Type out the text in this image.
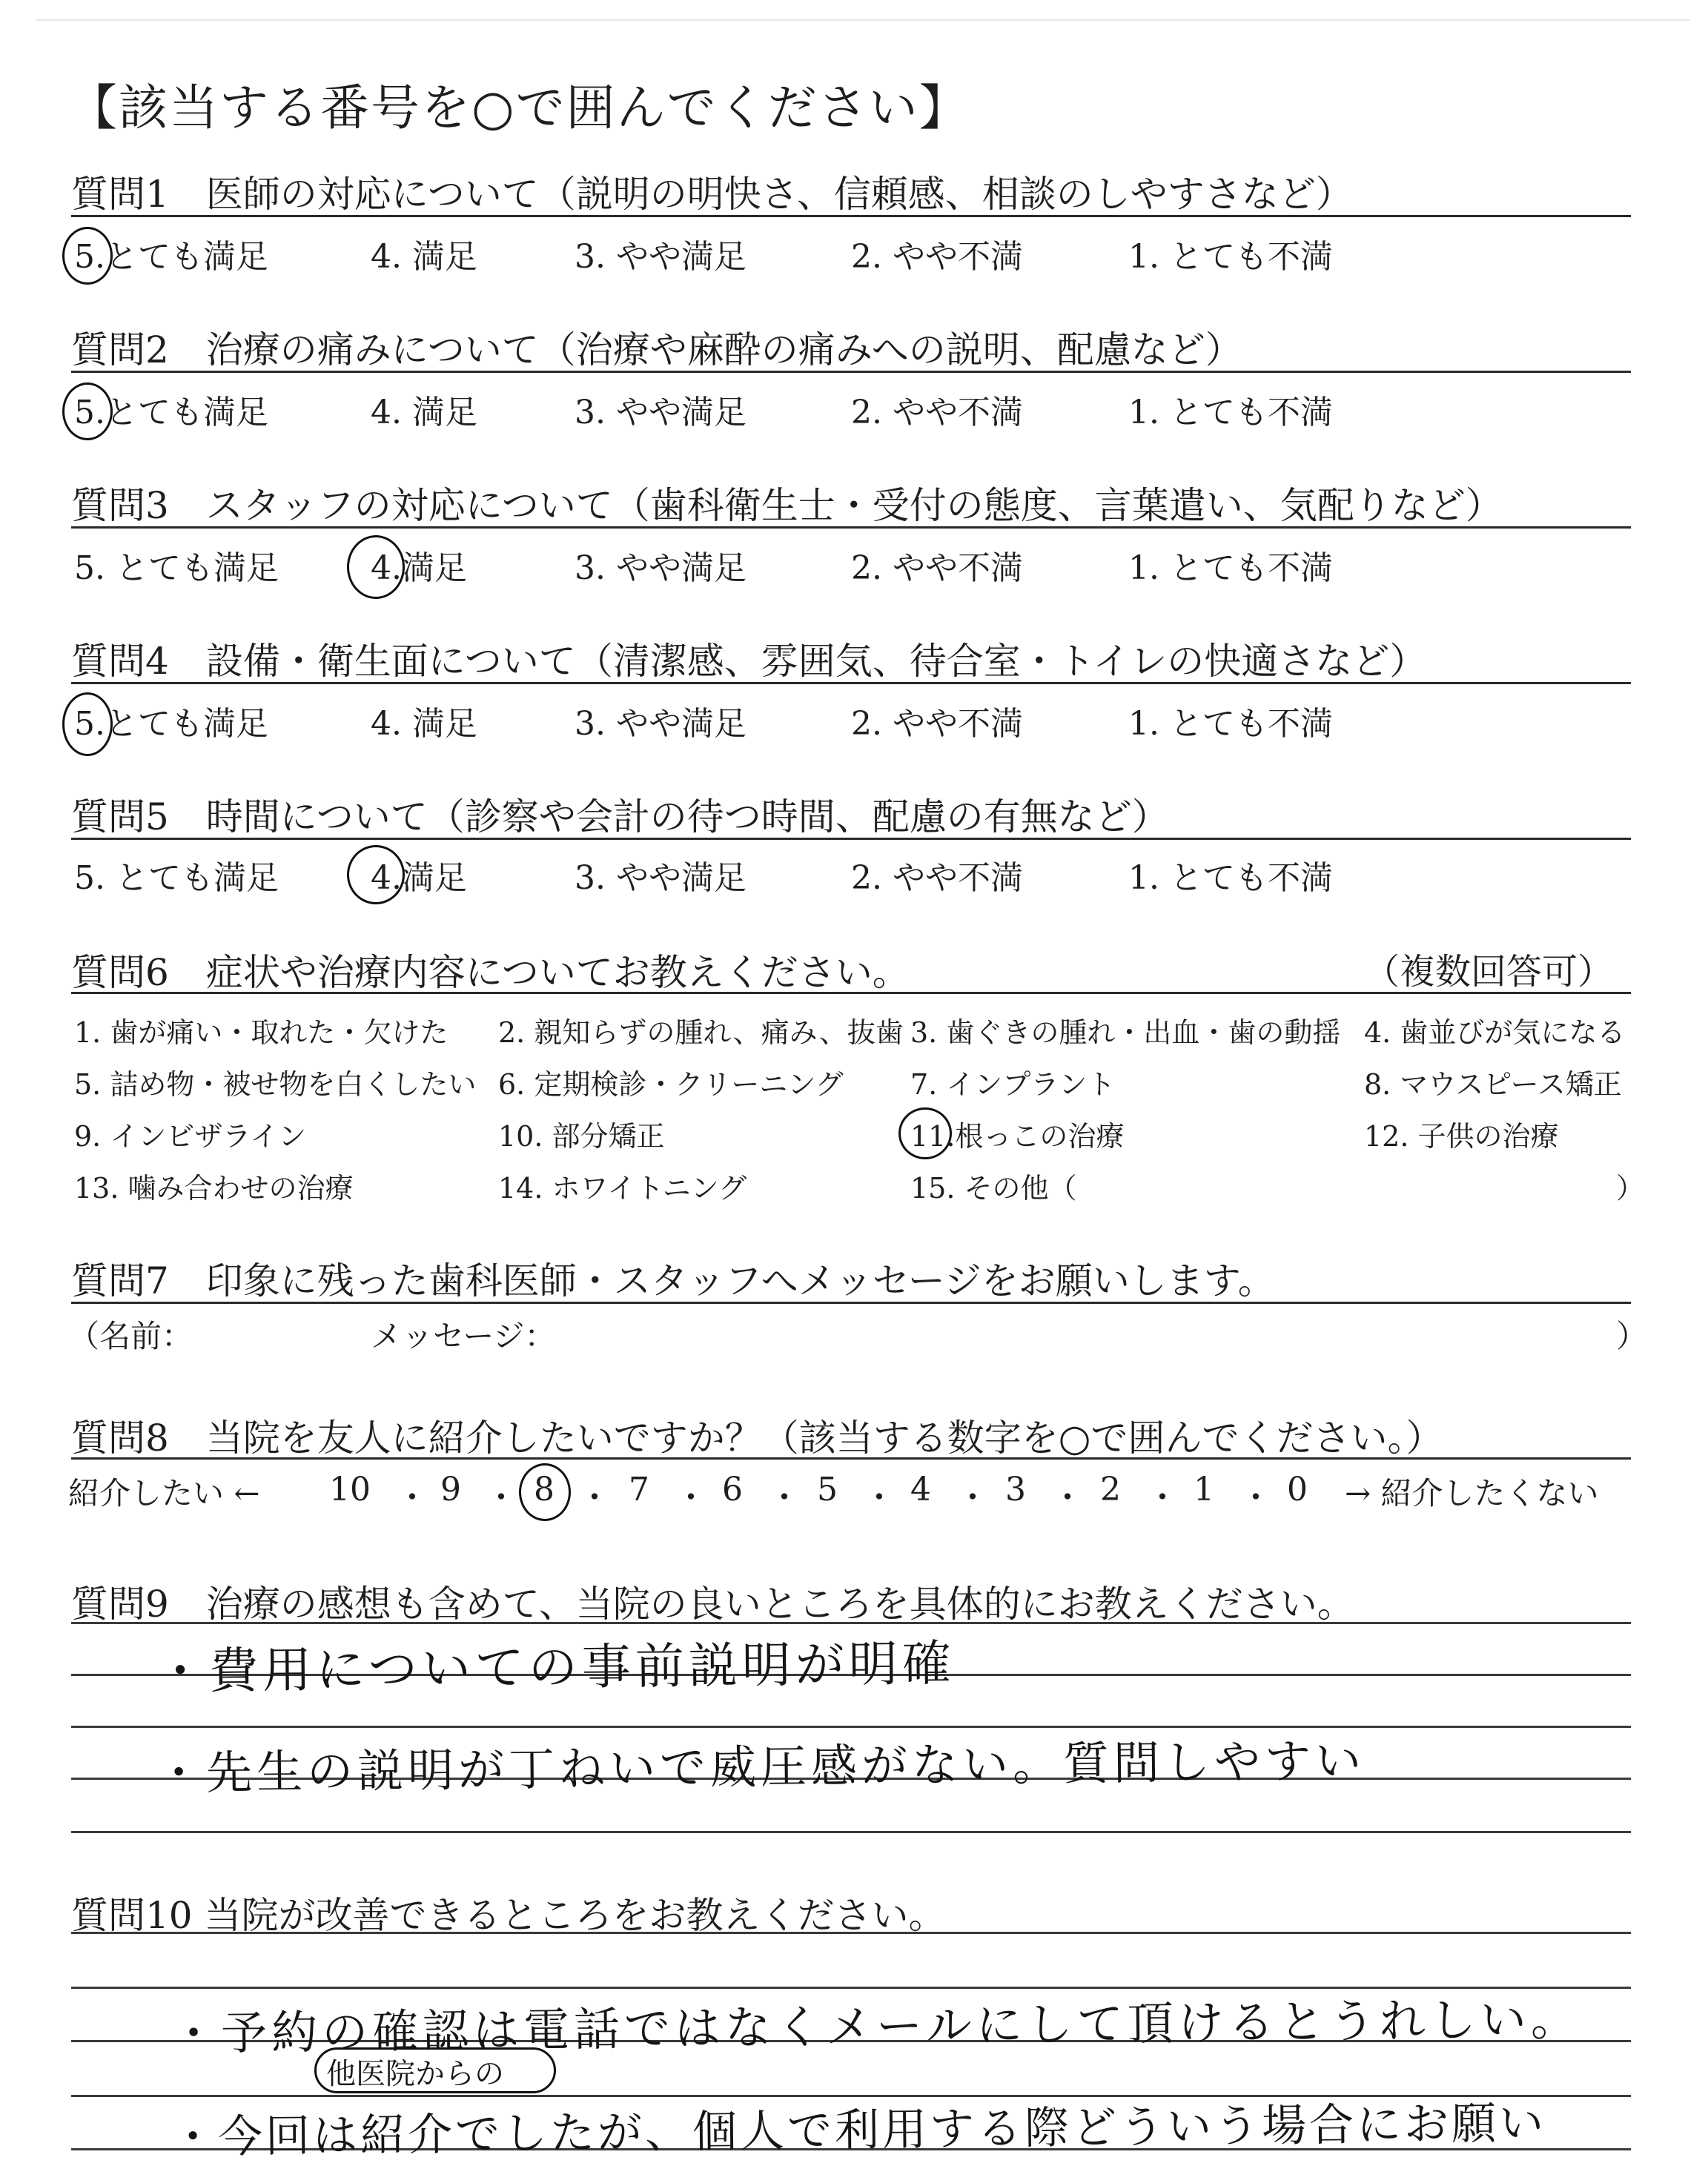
【該当する番号を○で囲んでください】
質問1　医師の対応について（説明の明快さ、信頼感、相談のしやすさなど）
5.とても満足	4. 満足	3. やや満足	2. やや不満	1. とても不満
質問2　治療の痛みについて（治療や麻酔の痛みへの説明、配慮など）
5.とても満足	4. 満足	3. やや満足	2. やや不満	1. とても不満
質問3　スタッフの対応について（歯科衛生士・受付の態度、言葉遣い、気配りなど）
5. とても満足	4.満足	3. やや満足	2. やや不満	1. とても不満
質問4　設備・衛生面について（清潔感、雰囲気、待合室・トイレの快適さなど）
5.とても満足	4. 満足	3. やや満足	2. やや不満	1. とても不満
質問5　時間について（診察や会計の待つ時間、配慮の有無など）
5. とても満足	4.満足	3. やや満足	2. やや不満	1. とても不満
質問6　症状や治療内容についてお教えください。	（複数回答可）
1. 歯が痛い・取れた・欠けた 2. 親知らずの腫れ、痛み、抜歯 3. 歯ぐきの腫れ・出血・歯の動揺 4. 歯並びが気になる
5. 詰め物・被せ物を白くしたい 6. 定期検診・クリーニング 7. インプラント	8. マウスピース矯正
9. インビザライン	10. 部分矯正	11.根っこの治療	12. 子供の治療
13. 噛み合わせの治療	14. ホワイトニング	15. その他（	）
質問7　印象に残った歯科医師・スタッフへメッセージをお願いします。
（名前：	メッセージ：	）
質問8　当院を友人に紹介したいですか？（該当する数字を○で囲んでください。）
紹介したい ←	→ 紹介したくない
10 ・ 9 ・ 8 ・ 7 ・ 6 ・ 5 ・ 4 ・ 3 ・ 2 ・ 1 ・ 0
質問9　治療の感想も含めて、当院の良いところを具体的にお教えください。
・費用についての事前説明が明確
・先生の説明が丁ねいで威圧感がない。質問しやすい
質問10 当院が改善できるところをお教えください。
・予約の確認は電話ではなくメールにして頂けるとうれしい。
他医院からの
・今回は紹介でしたが、個人で利用する際どういう場合にお願い
